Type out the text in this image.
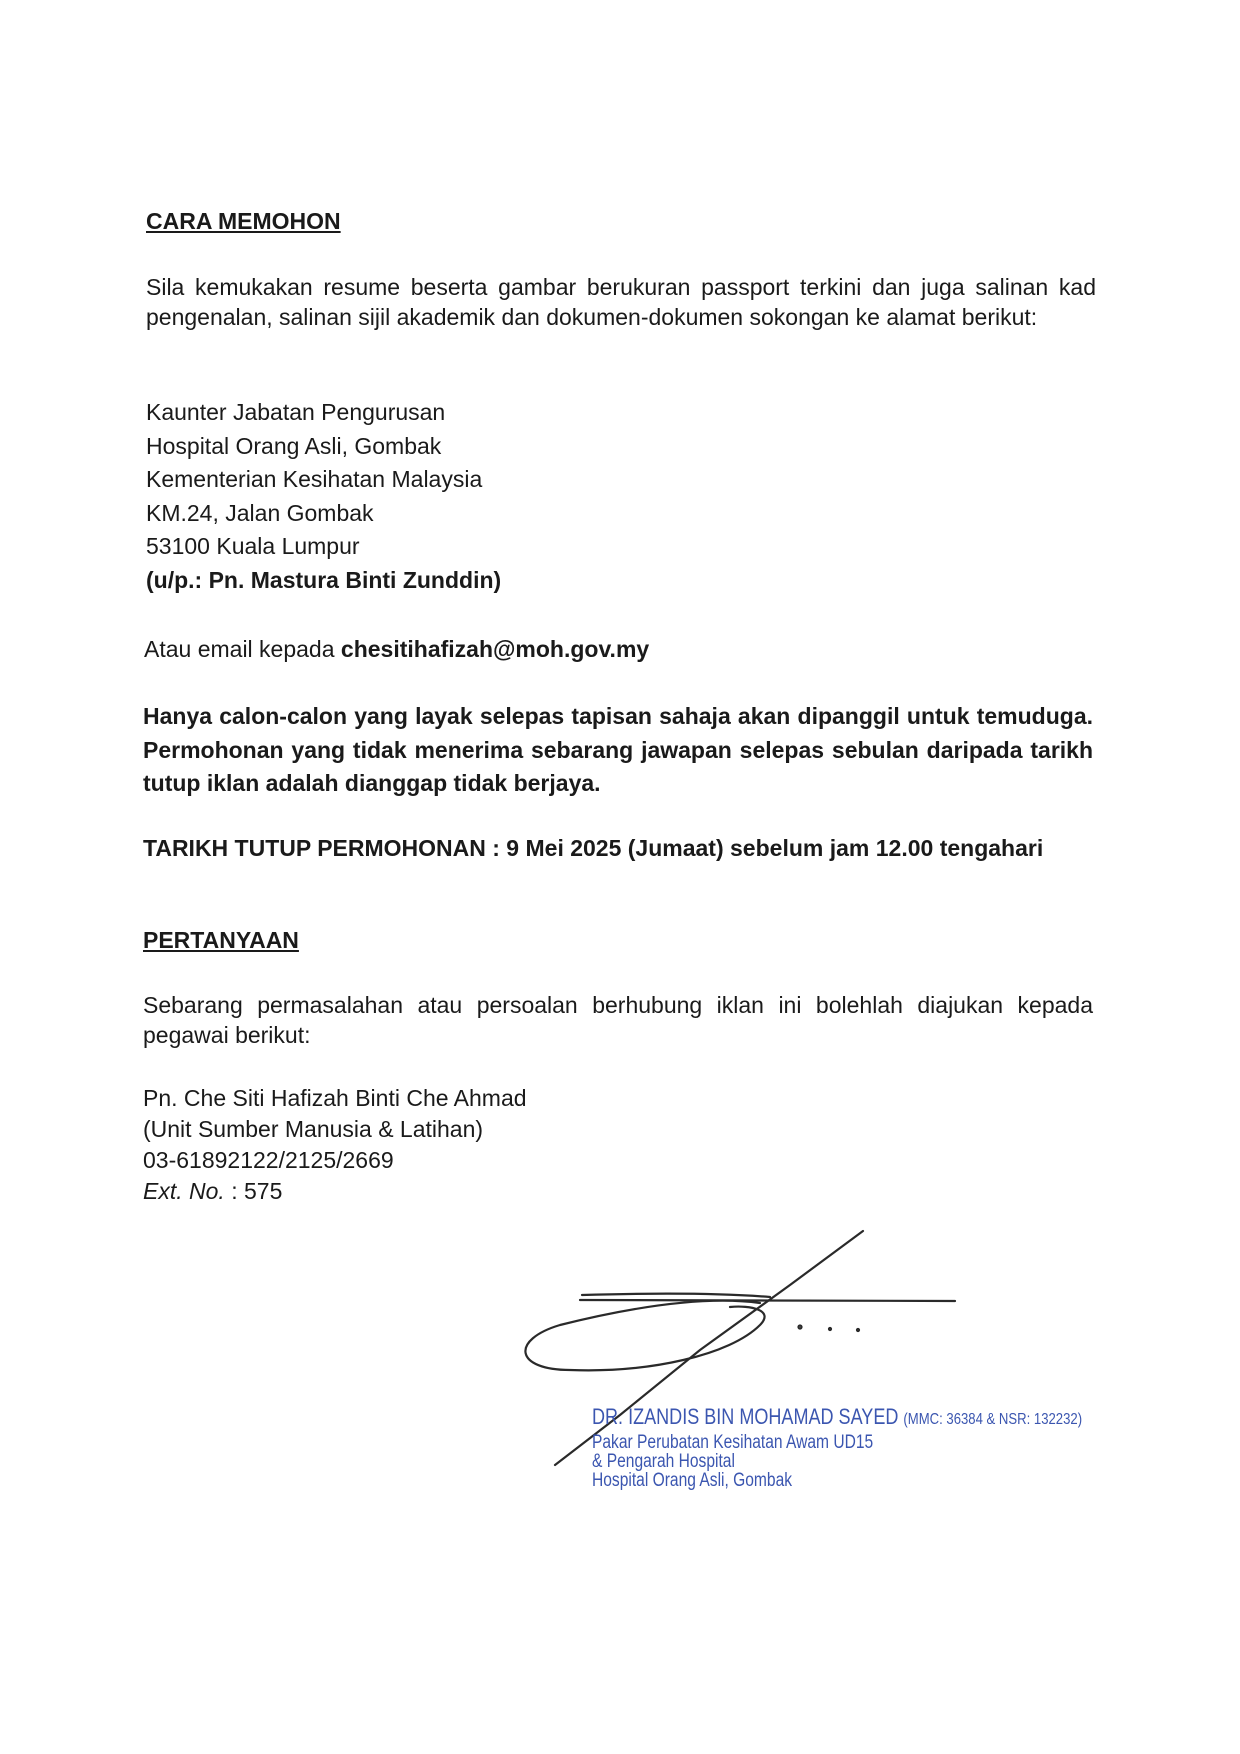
CARA MEMOHON
Sila kemukakan resume beserta gambar berukuran passport terkini dan juga salinan kad pengenalan, salinan sijil akademik dan dokumen-dokumen sokongan ke alamat berikut:
Kaunter Jabatan Pengurusan
Hospital Orang Asli, Gombak
Kementerian Kesihatan Malaysia
KM.24, Jalan Gombak
53100 Kuala Lumpur
(u/p.: Pn. Mastura Binti Zunddin)
Atau email kepada chesitihafizah@moh.gov.my
Hanya calon-calon yang layak selepas tapisan sahaja akan dipanggil untuk temuduga. Permohonan yang tidak menerima sebarang jawapan selepas sebulan daripada tarikh tutup iklan adalah dianggap tidak berjaya.
TARIKH TUTUP PERMOHONAN : 9 Mei 2025 (Jumaat) sebelum jam 12.00 tengahari
PERTANYAAN
Sebarang permasalahan atau persoalan berhubung iklan ini bolehlah diajukan kepada pegawai berikut:
Pn. Che Siti Hafizah Binti Che Ahmad
(Unit Sumber Manusia & Latihan)
03-61892122/2125/2669
Ext. No. : 575
DR. IZANDIS BIN MOHAMAD SAYED (MMC: 36384 & NSR: 132232)
Pakar Perubatan Kesihatan Awam UD15
& Pengarah Hospital
Hospital Orang Asli, Gombak
